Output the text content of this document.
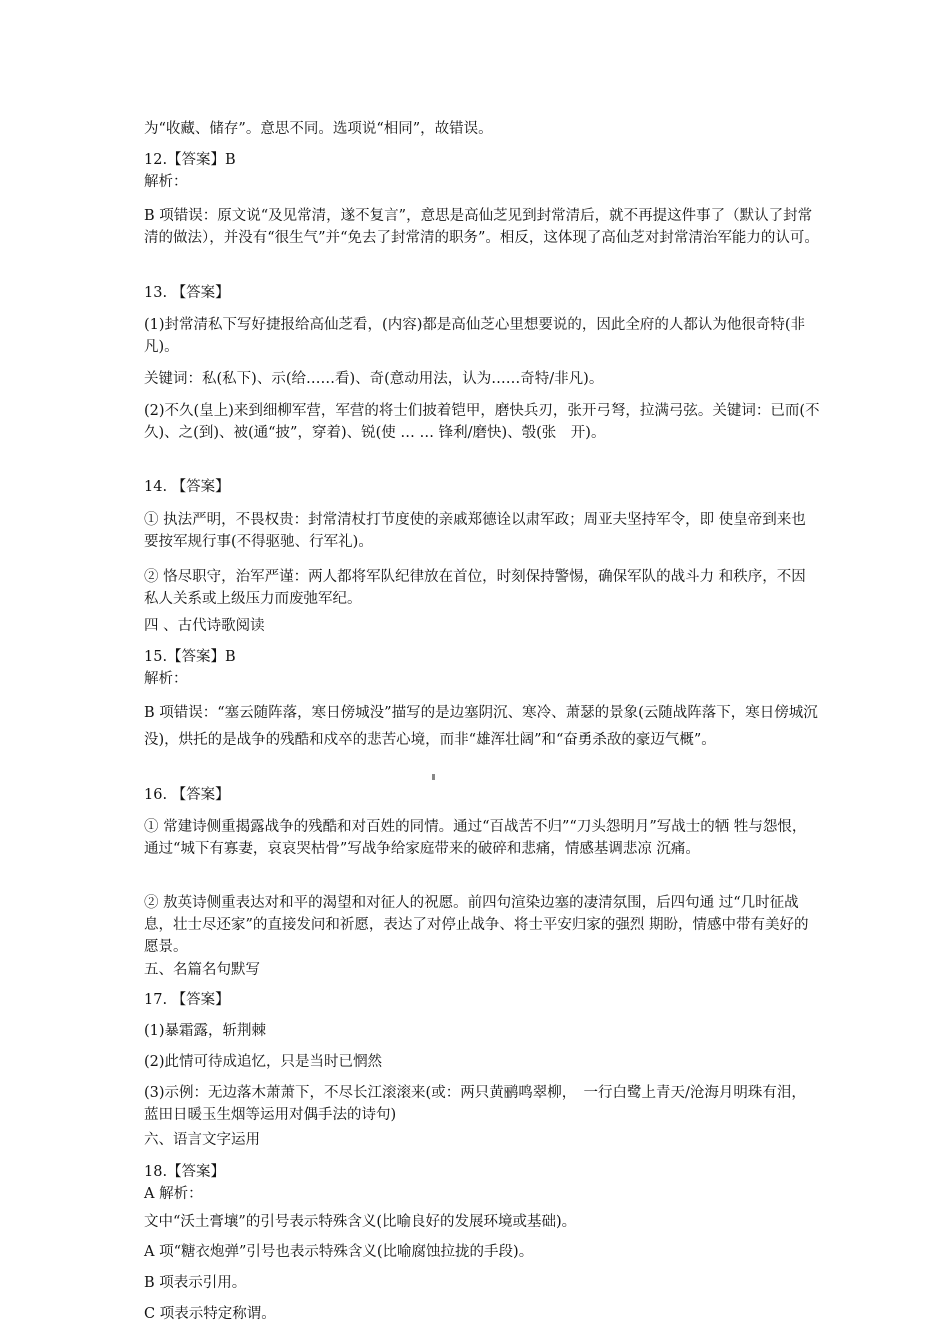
为“收藏、储存”。意思不同。选项说“相同”，故错误。

12.【答案】B

解析：

B 项错误：原文说“及见常清，遂不复言”，意思是高仙芝见到封常清后，就不再提这件事了（默认了封常清的做法），并没有“很生气”并“免去了封常清的职务”。相反，这体现了高仙芝对封常清治军能力的认可。

13. 【答案】

(1)封常清私下写好捷报给高仙芝看，(内容)都是高仙芝心里想要说的，因此全府的人都认为他很奇特(非凡)。

关键词：私(私下)、示(给……看)、奇(意动用法，认为……奇特/非凡)。

(2)不久(皇上)来到细柳军营，军营的将士们披着铠甲，磨快兵刃，张开弓弩，拉满弓弦。关键词：已而(不久)、之(到)、被(通“披”，穿着)、锐(使 … … 锋利/磨快)、彀(张　开)。

14. 【答案】

① 执法严明，不畏权贵：封常清杖打节度使的亲戚郑德诠以肃军政；周亚夫坚持军令，即 使皇帝到来也要按军规行事(不得驱驰、行军礼)。

② 恪尽职守，治军严谨：两人都将军队纪律放在首位，时刻保持警惕，确保军队的战斗力 和秩序，不因私人关系或上级压力而废弛军纪。

四 、古代诗歌阅读

15.【答案】B

解析：

B 项错误：“塞云随阵落，寒日傍城没”描写的是边塞阴沉、寒冷、萧瑟的景象(云随战阵落下，寒日傍城沉没)，烘托的是战争的残酷和戍卒的悲苦心境，而非“雄浑壮阔”和“奋勇杀敌的豪迈气概”。

16. 【答案】

① 常建诗侧重揭露战争的残酷和对百姓的同情。通过“百战苦不归”“刀头怨明月”写战士的牺 牲与怨恨，通过“城下有寡妻，哀哀哭枯骨”写战争给家庭带来的破碎和悲痛，情感基调悲凉 沉痛。

② 敖英诗侧重表达对和平的渴望和对征人的祝愿。前四句渲染边塞的凄清氛围，后四句通 过“几时征战息，壮士尽还家”的直接发问和祈愿，表达了对停止战争、将士平安归家的强烈 期盼，情感中带有美好的愿景。

五、名篇名句默写

17. 【答案】

(1)暴霜露，斩荆棘

(2)此情可待成追忆，只是当时已惘然

(3)示例：无边落木萧萧下，不尽长江滚滚来(或：两只黄鹂鸣翠柳，　一行白鹭上青天/沧海月明珠有泪，蓝田日暖玉生烟等运用对偶手法的诗句)

六、语言文字运用

18.【答案】

A 解析：

文中“沃土膏壤”的引号表示特殊含义(比喻良好的发展环境或基础)。

A 项“糖衣炮弹”引号也表示特殊含义(比喻腐蚀拉拢的手段)。

B 项表示引用。

C 项表示特定称谓。
